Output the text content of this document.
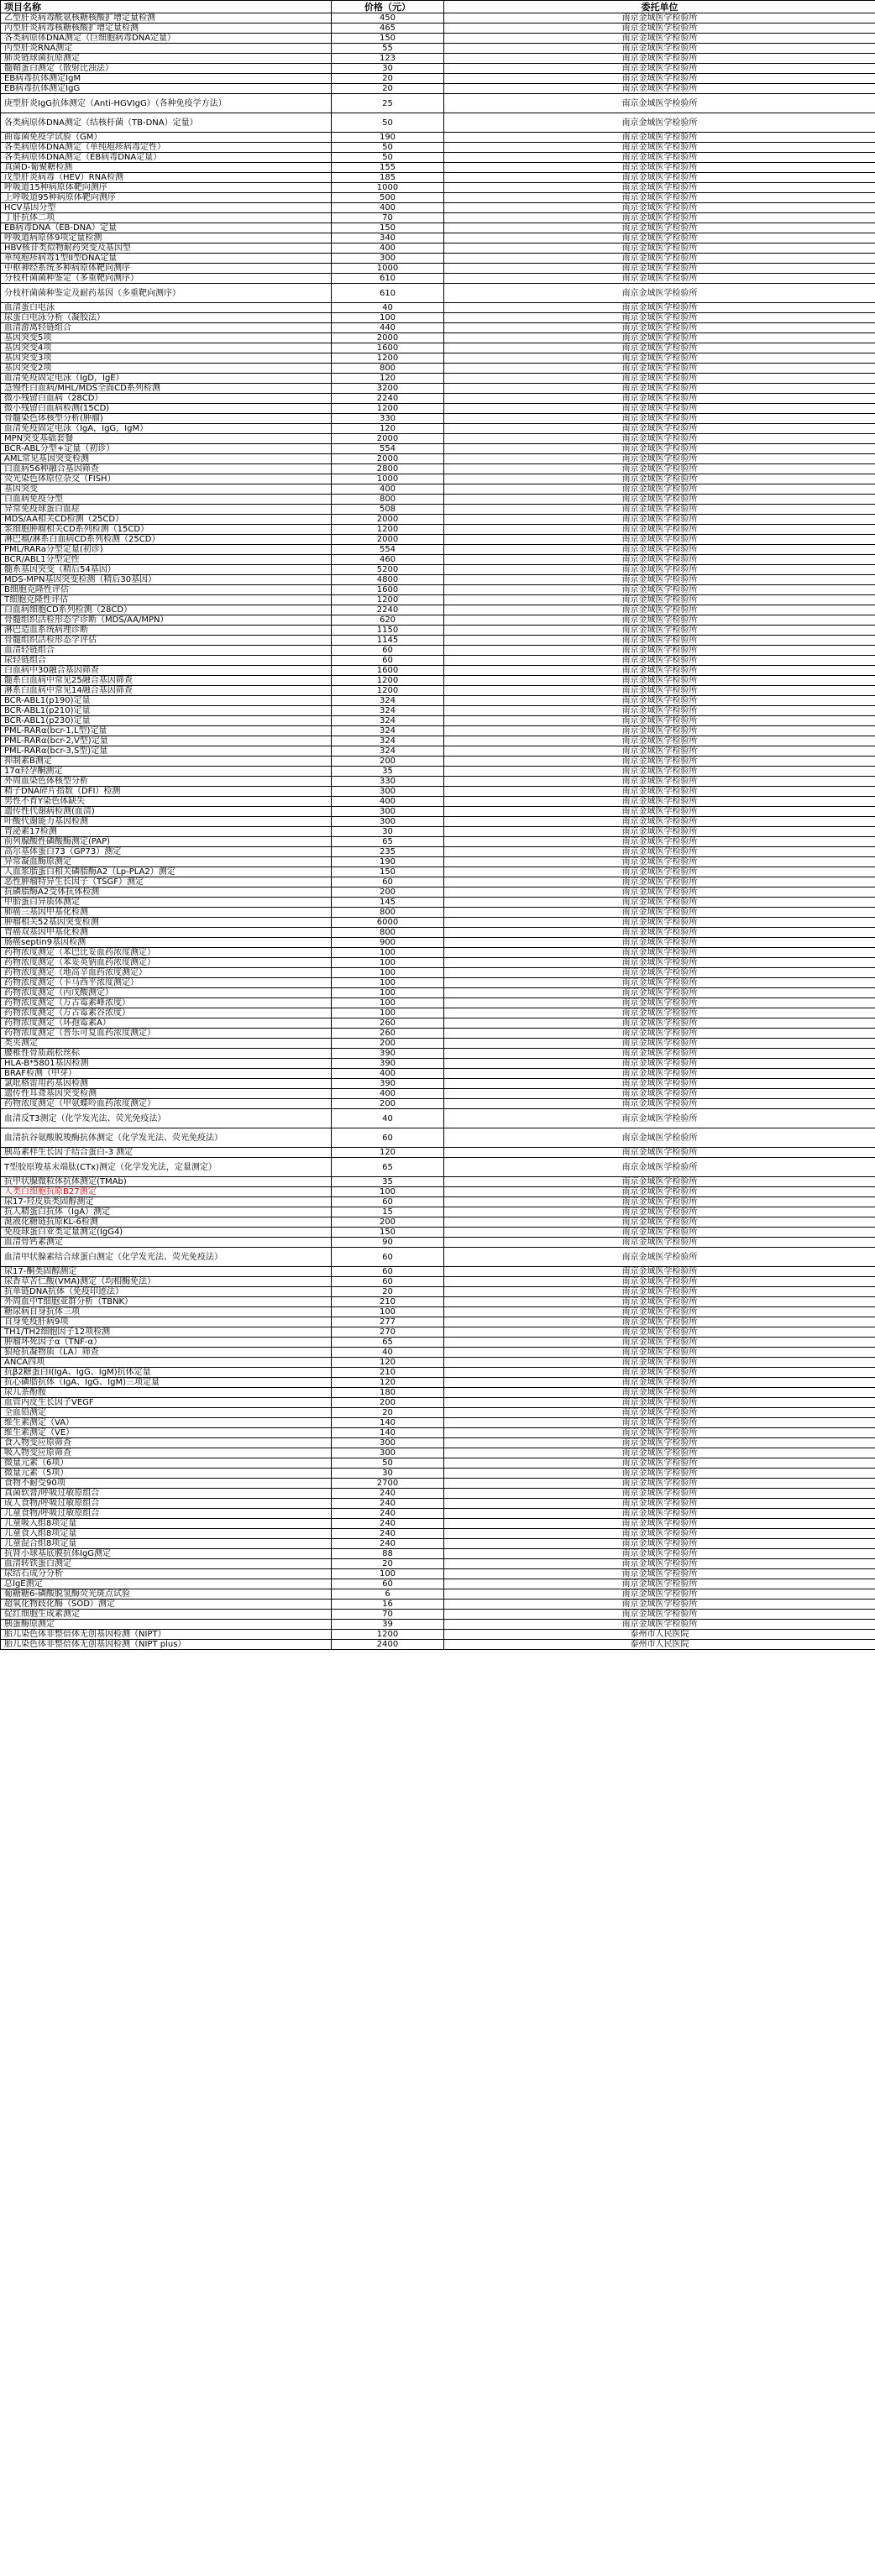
项目名称	价格（元）	委托单位
乙型肝炎病毒酰氨核糖核酸扩增定量检测	450	南京金域医学检验所
丙型肝炎病毒核糖核酸扩增定量检测	465	南京金域医学检验所
各类病原体DNA测定（巨细胞病毒DNA定量）	150	南京金域医学检验所
丙型肝炎RNA测定	55	南京金域医学检验所
肺炎链球菌抗原测定	123	南京金域医学检验所
髓鞘蛋白测定（散射比浊法）	30	南京金域医学检验所
EB病毒抗体测定IgM	20	南京金域医学检验所
EB病毒抗体测定IgG	20	南京金域医学检验所
庚型肝炎IgG抗体测定（Anti-HGVIgG）（各种免疫学方法）	25	南京金域医学检验所
各类病原体DNA测定（结核杆菌（TB-DNA）定量）	50	南京金域医学检验所
曲霉菌免疫学试验（GM）	190	南京金域医学检验所
各类病原体DNA测定（单纯疱疹病毒定性）	50	南京金域医学检验所
各类病原体DNA测定（EB病毒DNA定量）	50	南京金域医学检验所
真菌D-葡聚糖检测	155	南京金域医学检验所
戊型肝炎病毒（HEV）RNA检测	185	南京金域医学检验所
呼吸道15种病原体靶向测序	1000	南京金域医学检验所
上呼吸道95种病原体靶向测序	500	南京金域医学检验所
HCV基因分型	400	南京金域医学检验所
丁肝抗体二项	70	南京金域医学检验所
EB病毒DNA（EB-DNA）定量	150	南京金域医学检验所
呼吸道病原体9项定量检测	340	南京金域医学检验所
HBV核苷类似物耐药突变及基因型	400	南京金域医学检验所
单纯疱疹病毒1型II型DNA定量	300	南京金域医学检验所
中枢神经系统多种病原体靶向测序	1000	南京金域医学检验所
分枝杆菌菌种鉴定（多重靶向测序）	610	南京金域医学检验所
分枝杆菌菌种鉴定及耐药基因（多重靶向测序）	610	南京金域医学检验所
血清蛋白电泳	40	南京金域医学检验所
尿蛋白电泳分析（凝胶法）	100	南京金域医学检验所
血清游离轻链组合	440	南京金域医学检验所
基因突变5项	2000	南京金域医学检验所
基因突变4项	1600	南京金域医学检验所
基因突变3项	1200	南京金域医学检验所
基因突变2项	800	南京金域医学检验所
血清免疫固定电泳（IgD，IgE）	120	南京金域医学检验所
急慢性白血病/MHL/MDS全面CD系列检测	3200	南京金域医学检验所
微小残留白血病（28CD）	2240	南京金域医学检验所
微小残留白血病检测(15CD)	1200	南京金域医学检验所
骨髓染色体核型分析(肿瘤)	330	南京金域医学检验所
血清免疫固定电泳（IgA，IgG，IgM）	120	南京金域医学检验所
MPN突变基础套餐	2000	南京金域医学检验所
BCR-ABL分型+定量（初诊）	554	南京金域医学检验所
AML常见基因突变检测	2000	南京金域医学检验所
白血病56种融合基因筛查	2800	南京金域医学检验所
荧光染色体原位杂交（FISH）	1000	南京金域医学检验所
基因突变	400	南京金域医学检验所
白血病免疫分型	800	南京金域医学检验所
异常免疫球蛋白血症	508	南京金域医学检验所
MDS/AA相关CD检测（25CD）	2000	南京金域医学检验所
浆细胞肿瘤相关CD系列检测（15CD）	1200	南京金域医学检验所
淋巴瘤/淋系白血病CD系列检测（25CD）	2000	南京金域医学检验所
PML/RARa分型定量(初诊)	554	南京金域医学检验所
BCR/ABL1分型定性	460	南京金域医学检验所
髓系基因突变（精后54基因）	5200	南京金域医学检验所
MDS-MPN基因突变检测（精后30基因）	4800	南京金域医学检验所
B细胞克隆性评估	1600	南京金域医学检验所
T细胞克隆性评估	1200	南京金域医学检验所
白血病细胞CD系列检测（28CD）	2240	南京金域医学检验所
骨髓组织活检形态学诊断（MDS/AA/MPN）	620	南京金域医学检验所
淋巴造血系统病理诊断	1150	南京金域医学检验所
骨髓组织活检形态学评估	1145	南京金域医学检验所
血清轻链组合	60	南京金域医学检验所
尿轻链组合	60	南京金域医学检验所
白血病中30融合基因筛查	1600	南京金域医学检验所
髓系白血病中常见25融合基因筛查	1200	南京金域医学检验所
淋系白血病中常见14融合基因筛查	1200	南京金域医学检验所
BCR-ABL1(p190)定量	324	南京金域医学检验所
BCR-ABL1(p210)定量	324	南京金域医学检验所
BCR-ABL1(p230)定量	324	南京金域医学检验所
PML-RARα(bcr-1,L型)定量	324	南京金域医学检验所
PML-RARα(bcr-2,V型)定量	324	南京金域医学检验所
PML-RARα(bcr-3,S型)定量	324	南京金域医学检验所
抑制素B测定	200	南京金域医学检验所
17α羟孕酮测定	35	南京金域医学检验所
外周血染色体核型分析	330	南京金域医学检验所
精子DNA碎片指数（DFI）检测	300	南京金域医学检验所
男性不育Y染色体缺失	400	南京金域医学检验所
遗传性代谢病检测(血清)	300	南京金域医学检验所
叶酸代谢能力基因检测	300	南京金域医学检验所
胃泌素17检测	30	南京金域医学检验所
前列腺酸性磷酸酶测定(PAP)	65	南京金域医学检验所
高尔基体蛋白73（GP73）测定	235	南京金域医学检验所
异常凝血酶原测定	190	南京金域医学检验所
人血浆脂蛋白相关磷脂酶A2（Lp-PLA2）测定	150	南京金域医学检验所
恶性肿瘤特异生长因子（TSGF）测定	60	南京金域医学检验所
抗磷脂酶A2受体抗体检测	200	南京金域医学检验所
甲胎蛋白异质体测定	145	南京金域医学检验所
肺癌三基因甲基化检测	800	南京金域医学检验所
肿瘤相关52基因突变检测	6000	南京金域医学检验所
胃癌双基因甲基化检测	800	南京金域医学检验所
肠癌septin9基因检测	900	南京金域医学检验所
药物浓度测定（苯巴比妥血药浓度测定）	100	南京金域医学检验所
药物浓度测定（苯妥英钠血药浓度测定）	100	南京金域医学检验所
药物浓度测定（地高辛血药浓度测定）	100	南京金域医学检验所
药物浓度测定（卡马西平浓度测定）	100	南京金域医学检验所
药物浓度测定（丙戊酸测定）	100	南京金域医学检验所
药物浓度测定（万古霉素峰浓度）	100	南京金域医学检验所
药物浓度测定（万古霉素谷浓度）	100	南京金域医学检验所
药物浓度测定（环孢霉素A）	260	南京金域医学检验所
药物浓度测定（普乐可复血药浓度测定）	260	南京金域医学检验所
类夹测定	200	南京金域医学检验所
腰椎性骨质疏松丝标	390	南京金域医学检验所
HLA-B*5801基因检测	390	南京金域医学检验所
BRAF检测（甲芽）	400	南京金域医学检验所
氯吡格雷用药基因检测	390	南京金域医学检验所
遗传性耳聋基因突变检测	400	南京金域医学检验所
药物浓度测定（甲氨蝶呤血药浓度测定）	200	南京金域医学检验所
血清反T3测定（化学发光法、荧光免疫法）	40	南京金域医学检验所
血清抗谷氨酸脱羧酶抗体测定（化学发光法、荧光免疫法）	60	南京金域医学检验所
胰岛素样生长因子结合蛋白-3 测定	120	南京金域医学检验所
T型胶原羧基末端肽(CTx)测定（化学发光法，定量测定）	65	南京金域医学检验所
抗甲状腺微粒体抗体测定(TMAb)	35	南京金域医学检验所
人类白细胞抗原B27测定	100	南京金域医学检验所
尿17-羟皮质类固醇测定	60	南京金域医学检验所
抗人精蛋白抗体（IgA）测定	15	南京金域医学检验所
涎液化糖链抗原KL-6检测	200	南京金域医学检验所
免疫球蛋白亚类定量测定(IgG4)	150	南京金域医学检验所
血清骨钙素测定	90	南京金域医学检验所
血清甲状腺素结合球蛋白测定（化学发光法、荧光免疫法）	60	南京金域医学检验所
尿17-酮类固醇测定	60	南京金域医学检验所
尿香草苦仁酸(VMA)测定（均相酶免法）	60	南京金域医学检验所
抗单链DNA抗体（免疫印迹法）	20	南京金域医学检验所
外周血中T细胞亚群分析（TBNK）	210	南京金域医学检验所
糖尿病自身抗体三项	100	南京金域医学检验所
自身免疫肝病9项	277	南京金域医学检验所
TH1/TH2细胞因子12项检测	270	南京金域医学检验所
肿瘤坏死因子α（TNF-α）	65	南京金域医学检验所
狼疮抗凝物质（LA）筛查	40	南京金域医学检验所
ANCA四项	120	南京金域医学检验所
抗β2糖蛋白I(IgA、IgG、IgM)抗体定量	210	南京金域医学检验所
抗心磷脂抗体（IgA、IgG、IgM)三项定量	120	南京金域医学检验所
尿儿茶酚胺	180	南京金域医学检验所
血管内皮生长因子VEGF	200	南京金域医学检验所
全血铅测定	20	南京金域医学检验所
维生素测定（VA）	140	南京金域医学检验所
维生素测定（VE）	140	南京金域医学检验所
食入物变应原筛查	300	南京金域医学检验所
吸入物变应原筛查	300	南京金域医学检验所
微量元素（6项）	50	南京金域医学检验所
微量元素（5项）	30	南京金域医学检验所
食物不耐受90项	2700	南京金域医学检验所
真菌软膏/呼吸过敏原组合	240	南京金域医学检验所
成人食物/呼吸过敏原组合	240	南京金域医学检验所
儿童食物/呼吸过敏原组合	240	南京金域医学检验所
儿童吸入组8项定量	240	南京金域医学检验所
儿童食入组8项定量	240	南京金域医学检验所
儿童混合组8项定量	240	南京金域医学检验所
抗肾小球基底膜抗体IgG测定	88	南京金域医学检验所
血清转铁蛋白测定	20	南京金域医学检验所
尿结石成分分析	100	南京金域医学检验所
总IgE测定	60	南京金域医学检验所
葡糖糖6-磷酸脱氢酶荧光斑点试验	6	南京金域医学检验所
超氧化物歧化酶（SOD）测定	16	南京金域医学检验所
促红细胞生成素测定	70	南京金域医学检验所
胰蛋酶原测定	39	南京金域医学检验所
胎儿染色体非整倍体无创基因检测（NIPT）	1200	泰州市人民医院
胎儿染色体非整倍体无创基因检测（NIPT plus）	2400	泰州市人民医院
